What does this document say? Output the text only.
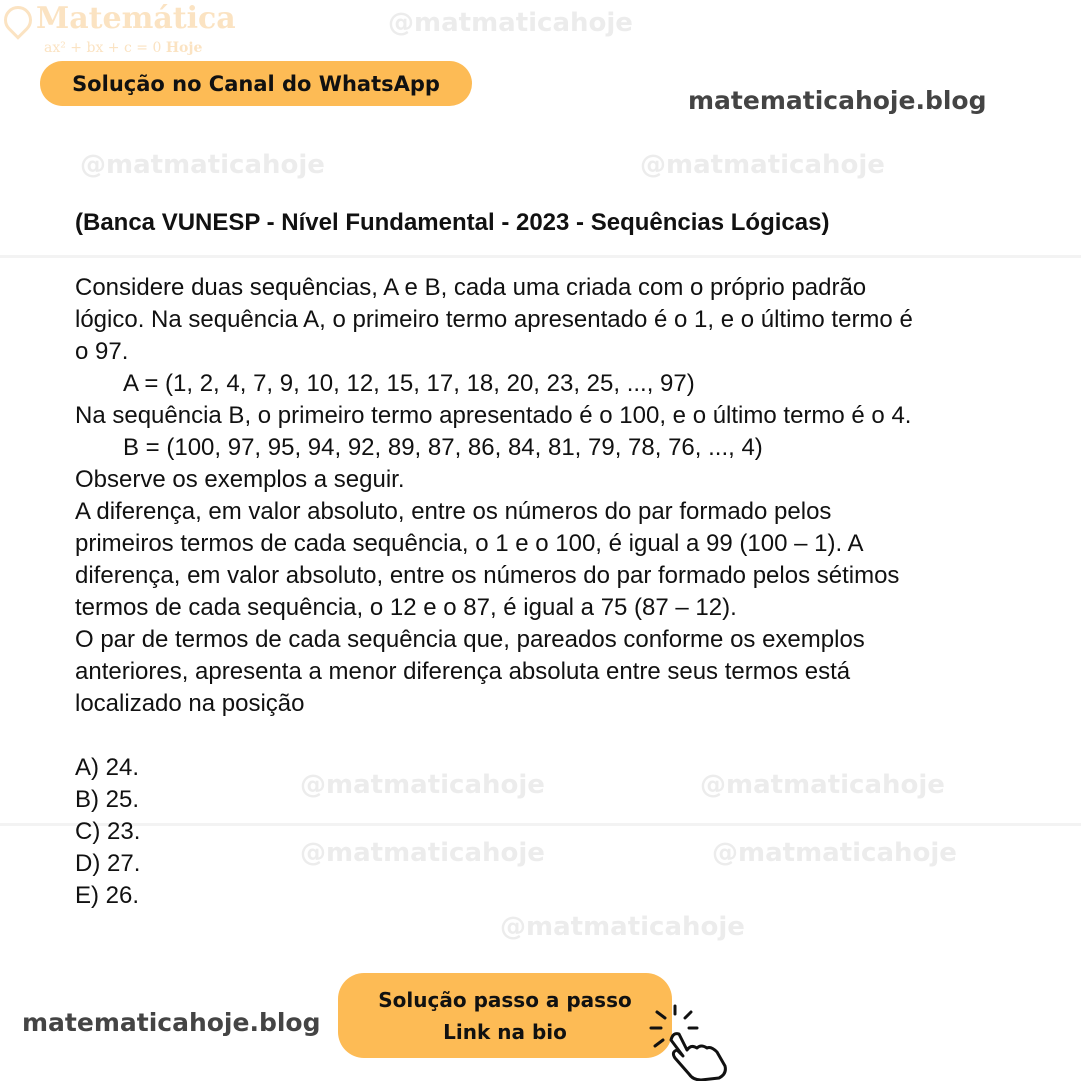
@matmaticahoje
@matmaticahoje	@matmaticahoje
@matmaticahoje	@matmaticahoje
@matmaticahoje	@matmaticahoje
@matmaticahoje
Matemática
ax² + bx + c = 0 Hoje
Solução no Canal do WhatsApp
matematicahoje.blog
(Banca VUNESP - Nível Fundamental - 2023 - Sequências Lógicas)
Considere duas sequências, A e B, cada uma criada com o próprio padrão
lógico. Na sequência A, o primeiro termo apresentado é o 1, e o último termo é
o 97.
A = (1, 2, 4, 7, 9, 10, 12, 15, 17, 18, 20, 23, 25, ..., 97)
Na sequência B, o primeiro termo apresentado é o 100, e o último termo é o 4.
B = (100, 97, 95, 94, 92, 89, 87, 86, 84, 81, 79, 78, 76, ..., 4)
Observe os exemplos a seguir.
A diferença, em valor absoluto, entre os números do par formado pelos
primeiros termos de cada sequência, o 1 e o 100, é igual a 99 (100 – 1). A
diferença, em valor absoluto, entre os números do par formado pelos sétimos
termos de cada sequência, o 12 e o 87, é igual a 75 (87 – 12).
O par de termos de cada sequência que, pareados conforme os exemplos
anteriores, apresenta a menor diferença absoluta entre seus termos está
localizado na posição
A) 24.
B) 25.
C) 23.
D) 27.
E) 26.
matematicahoje.blog
Solução passo a passo
Link na bio
